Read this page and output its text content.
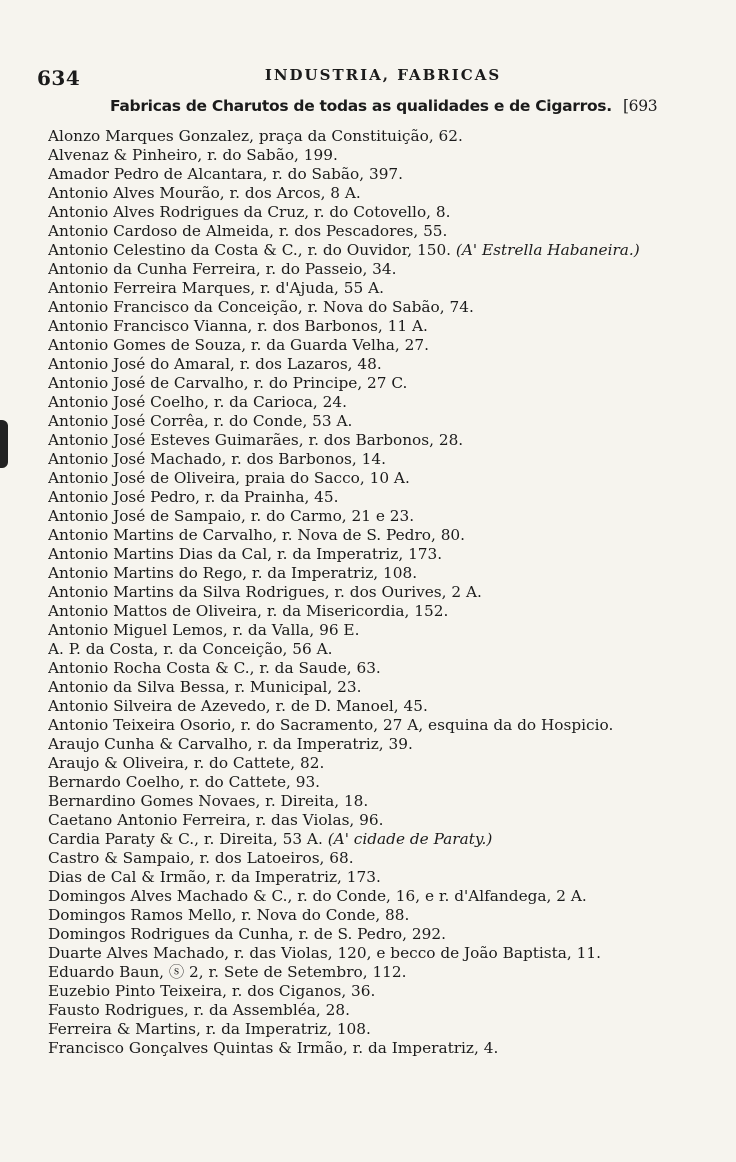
634	INDUSTRIA, FABRICAS
Fabricas de Charutos de todas as qualidades e de Cigarros. [693
Alonzo Marques Gonzalez, praça da Constituição, 62.
Alvenaz & Pinheiro, r. do Sabão, 199.
Amador Pedro de Alcantara, r. do Sabão, 397.
Antonio Alves Mourão, r. dos Arcos, 8 A.
Antonio Alves Rodrigues da Cruz, r. do Cotovello, 8.
Antonio Cardoso de Almeida, r. dos Pescadores, 55.
Antonio Celestino da Costa & C., r. do Ouvidor, 150. (A' Estrella Habaneira.)
Antonio da Cunha Ferreira, r. do Passeio, 34.
Antonio Ferreira Marques, r. d'Ajuda, 55 A.
Antonio Francisco da Conceição, r. Nova do Sabão, 74.
Antonio Francisco Vianna, r. dos Barbonos, 11 A.
Antonio Gomes de Souza, r. da Guarda Velha, 27.
Antonio José do Amaral, r. dos Lazaros, 48.
Antonio José de Carvalho, r. do Principe, 27 C.
Antonio José Coelho, r. da Carioca, 24.
Antonio José Corrêa, r. do Conde, 53 A.
Antonio José Esteves Guimarães, r. dos Barbonos, 28.
Antonio José Machado, r. dos Barbonos, 14.
Antonio José de Oliveira, praia do Sacco, 10 A.
Antonio José Pedro, r. da Prainha, 45.
Antonio José de Sampaio, r. do Carmo, 21 e 23.
Antonio Martins de Carvalho, r. Nova de S. Pedro, 80.
Antonio Martins Dias da Cal, r. da Imperatriz, 173.
Antonio Martins do Rego, r. da Imperatriz, 108.
Antonio Martins da Silva Rodrigues, r. dos Ourives, 2 A.
Antonio Mattos de Oliveira, r. da Misericordia, 152.
Antonio Miguel Lemos, r. da Valla, 96 E.
A. P. da Costa, r. da Conceição, 56 A.
Antonio Rocha Costa & C., r. da Saude, 63.
Antonio da Silva Bessa, r. Municipal, 23.
Antonio Silveira de Azevedo, r. de D. Manoel, 45.
Antonio Teixeira Osorio, r. do Sacramento, 27 A, esquina da do Hospicio.
Araujo Cunha & Carvalho, r. da Imperatriz, 39.
Araujo & Oliveira, r. do Cattete, 82.
Bernardo Coelho, r. do Cattete, 93.
Bernardino Gomes Novaes, r. Direita, 18.
Caetano Antonio Ferreira, r. das Violas, 96.
Cardia Paraty & C., r. Direita, 53 A. (A' cidade de Paraty.)
Castro & Sampaio, r. dos Latoeiros, 68.
Dias de Cal & Irmão, r. da Imperatriz, 173.
Domingos Alves Machado & C., r. do Conde, 16, e r. d'Alfandega, 2 A.
Domingos Ramos Mello, r. Nova do Conde, 88.
Domingos Rodrigues da Cunha, r. de S. Pedro, 292.
Duarte Alves Machado, r. das Violas, 120, e becco de João Baptista, 11.
Eduardo Baun, ⓢ 2, r. Sete de Setembro, 112.
Euzebio Pinto Teixeira, r. dos Ciganos, 36.
Fausto Rodrigues, r. da Assembléa, 28.
Ferreira & Martins, r. da Imperatriz, 108.
Francisco Gonçalves Quintas & Irmão, r. da Imperatriz, 4.
